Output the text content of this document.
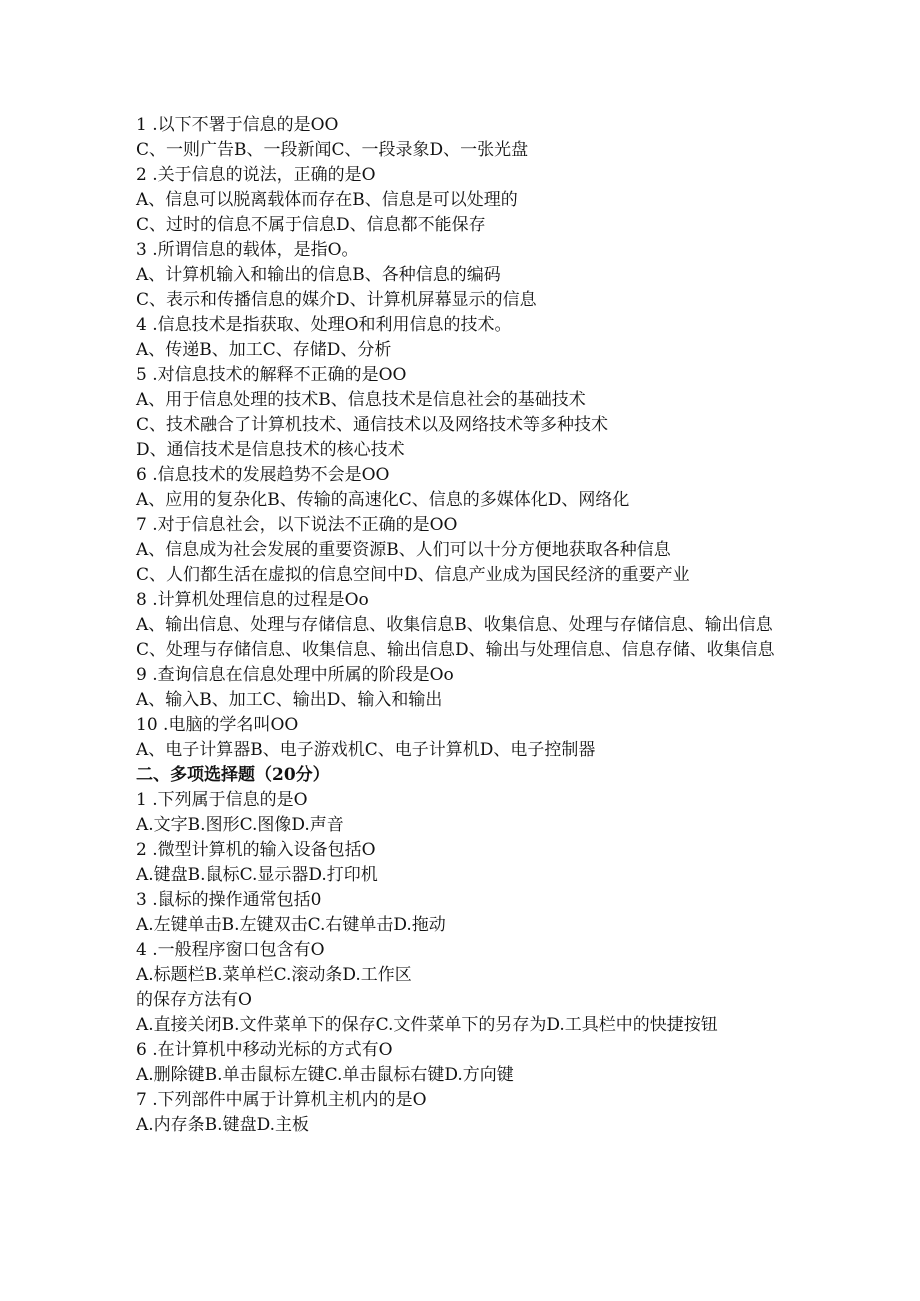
1 .以下不署于信息的是OO

C、一则广告B、一段新闻C、一段录象D、一张光盘

2 .关于信息的说法，正确的是O

A、信息可以脱离载体而存在B、信息是可以处理的

C、过时的信息不属于信息D、信息都不能保存

3 .所谓信息的载体，是指O。

A、计算机输入和输出的信息B、各种信息的编码

C、表示和传播信息的媒介D、计算机屏幕显示的信息

4 .信息技术是指获取、处理O和利用信息的技术。

A、传递B、加工C、存储D、分析

5 .对信息技术的解释不正确的是OO

A、用于信息处理的技术B、信息技术是信息社会的基础技术

C、技术融合了计算机技术、通信技术以及网络技术等多种技术

D、通信技术是信息技术的核心技术

6 .信息技术的发展趋势不会是OO

A、应用的复杂化B、传输的高速化C、信息的多媒体化D、网络化

7 .对于信息社会，以下说法不正确的是OO

A、信息成为社会发展的重要资源B、人们可以十分方便地获取各种信息

C、人们都生活在虚拟的信息空间中D、信息产业成为国民经济的重要产业

8 .计算机处理信息的过程是Oo

A、输出信息、处理与存储信息、收集信息B、收集信息、处理与存储信息、输出信息

C、处理与存储信息、收集信息、输出信息D、输出与处理信息、信息存储、收集信息

9 .查询信息在信息处理中所属的阶段是Oo

A、输入B、加工C、输出D、输入和输出

10 .电脑的学名叫OO

A、电子计算器B、电子游戏机C、电子计算机D、电子控制器

二、多项选择题（20分）

1 .下列属于信息的是O

A.文字B.图形C.图像D.声音

2 .微型计算机的输入设备包括O

A.键盘B.鼠标C.显示器D.打印机

3 .鼠标的操作通常包括0

A.左键单击B.左键双击C.右键单击D.拖动

4 .一般程序窗口包含有O

A.标题栏B.菜单栏C.滚动条D.工作区

的保存方法有O

A.直接关闭B.文件菜单下的保存C.文件菜单下的另存为D.工具栏中的快捷按钮

6 .在计算机中移动光标的方式有O

A.删除键B.单击鼠标左键C.单击鼠标右键D.方向键

7 .下列部件中属于计算机主机内的是O

A.内存条B.键盘D.主板
